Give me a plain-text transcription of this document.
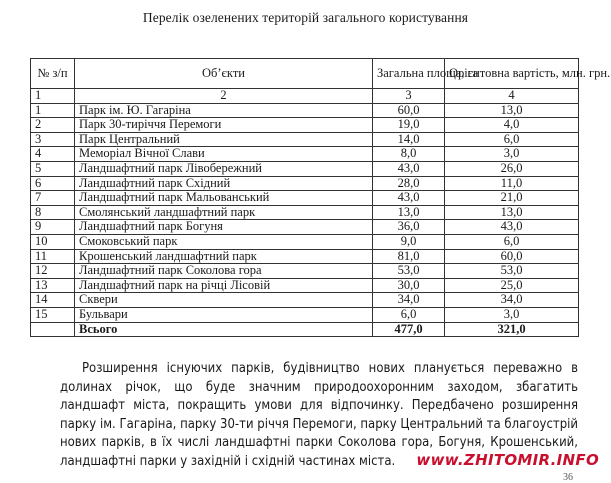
Перелік озеленених територій загального користування
№ з/п	Об’єкти	Загальна площа, га	Орієнтовна вартість, млн. грн.
1	2	3	4
1	Парк ім. Ю. Гагаріна	60,0	13,0
2	Парк 30-тиріччя Перемоги	19,0	4,0
3	Парк Центральний	14,0	6,0
4	Меморіал Вічної Слави	8,0	3,0
5	Ландшафтний парк Лівобережний	43,0	26,0
6	Ландшафтний парк Східний	28,0	11,0
7	Ландшафтний парк Мальованський	43,0	21,0
8	Смолянський ландшафтний парк	13,0	13,0
9	Ландшафтний парк Богуня	36,0	43,0
10	Смоковський парк	9,0	6,0
11	Крошенський ландшафтний парк	81,0	60,0
12	Ландшафтний парк Соколова гора	53,0	53,0
13	Ландшафтний парк на річці Лісовій	30,0	25,0
14	Сквери	34,0	34,0
15	Бульвари	6,0	3,0
	Всього	477,0	321,0
Розширення існуючих парків, будівництво нових планується переважно в долинах річок, що буде значним природоохоронним заходом, збагатить ландшафт міста, покращить умови для відпочинку. Передбачено розширення парку ім. Гагаріна, парку 30-ти річчя Перемоги, парку Центральний та благоустрій нових парків, в їх числі ландшафтні парки Соколова гора, Богуня, Крошенський, ландшафтні парки у західній і східній частинах міста.	www.ZHITOMIR.INFO
36
